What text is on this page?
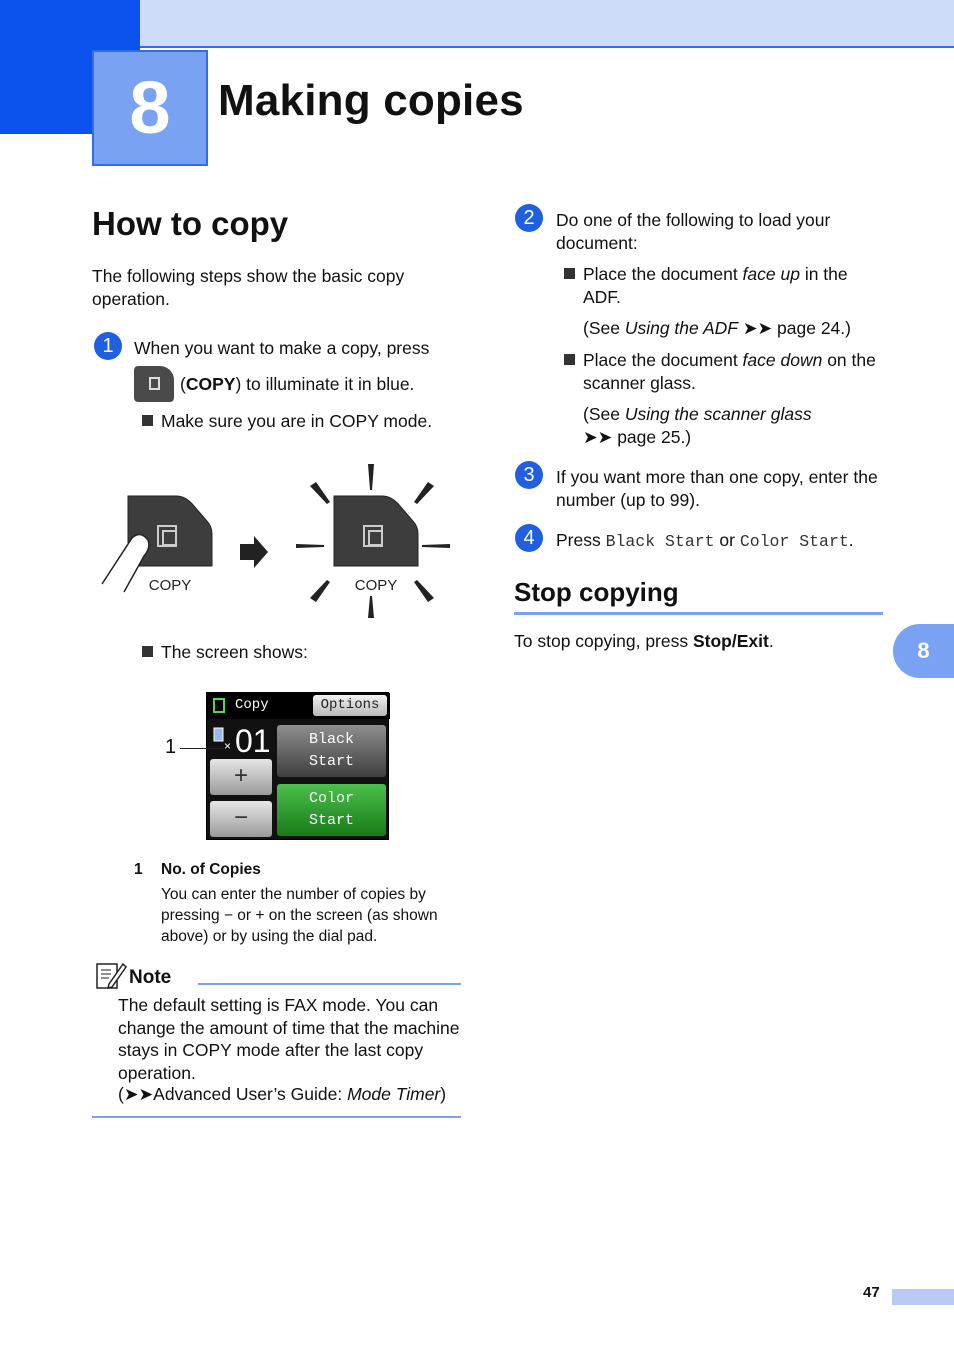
8	Making copies
How to copy
The following steps show the basic copy operation.
1	When you want to make a copy, press
(COPY) to illuminate it in blue.
Make sure you are in COPY mode.
COPY	COPY
The screen shows:
Copy	Options
× 01
+
−
Black
Start
Color
Start
1
1 No. of Copies
You can enter the number of copies by pressing − or + on the screen (as shown above) or by using the dial pad.
Note
The default setting is FAX mode. You can change the amount of time that the machine stays in COPY mode after the last copy operation.
(➤➤Advanced User’s Guide: Mode Timer)
2	Do one of the following to load your document:
Place the document face up in the ADF.
(See Using the ADF ➤➤ page 24.)
Place the document face down on the scanner glass.
(See Using the scanner glass
➤➤ page 25.)
3	If you want more than one copy, enter the number (up to 99).
4	Press Black Start or Color Start.
Stop copying
To stop copying, press Stop/Exit.	8
47
